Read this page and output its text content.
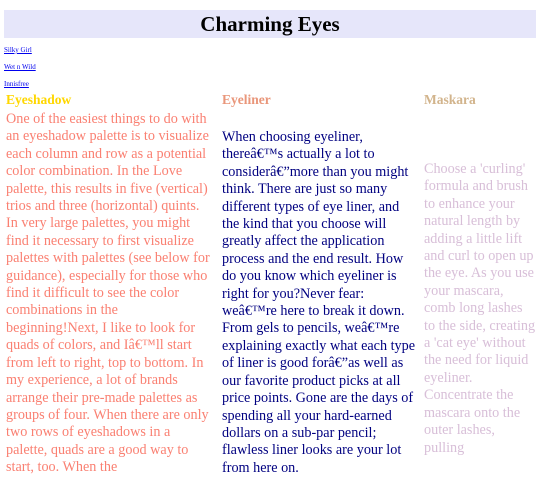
Charming Eyes
Silky Girl
Wet n Wild
Innisfree
Eyeshadow

One of the easiest things to do with an eyeshadow palette is to visualize each column and row as a potential color combination. In the Love palette, this results in five (vertical) trios and three (horizontal) quints. In very large palettes, you might find it necessary to first visualize palettes with palettes (see below for guidance), especially for those who find it difficult to see the color combinations in the beginning!Next, I like to look for quads of colors, and Iâ€™ll start from left to right, top to bottom. In my experience, a lot of brands arrange their pre-made palettes as groups of four. When there are only two rows of eyeshadows in a palette, quads are a good way to start, too. When the

Eyeliner

When choosing eyeliner, thereâ€™s actually a lot to considerâ€”more than you might think. There are just so many different types of eye liner, and the kind that you choose will greatly affect the application process and the end result. How do you know which eyeliner is right for you?Never fear: weâ€™re here to break it down. From gels to pencils, weâ€™re explaining exactly what each type of liner is good forâ€”as well as our favorite product picks at all price points. Gone are the days of spending all your hard-earned dollars on a sub-par pencil; flawless liner looks are your lot from here on.

Maskara

Choose a 'curling' formula and brush to enhance your natural length by adding a little lift and curl to open up the eye. As you use your mascara, comb long lashes to the side, creating a 'cat eye' without the need for liquid eyeliner. Concentrate the mascara onto the outer lashes, pulling
